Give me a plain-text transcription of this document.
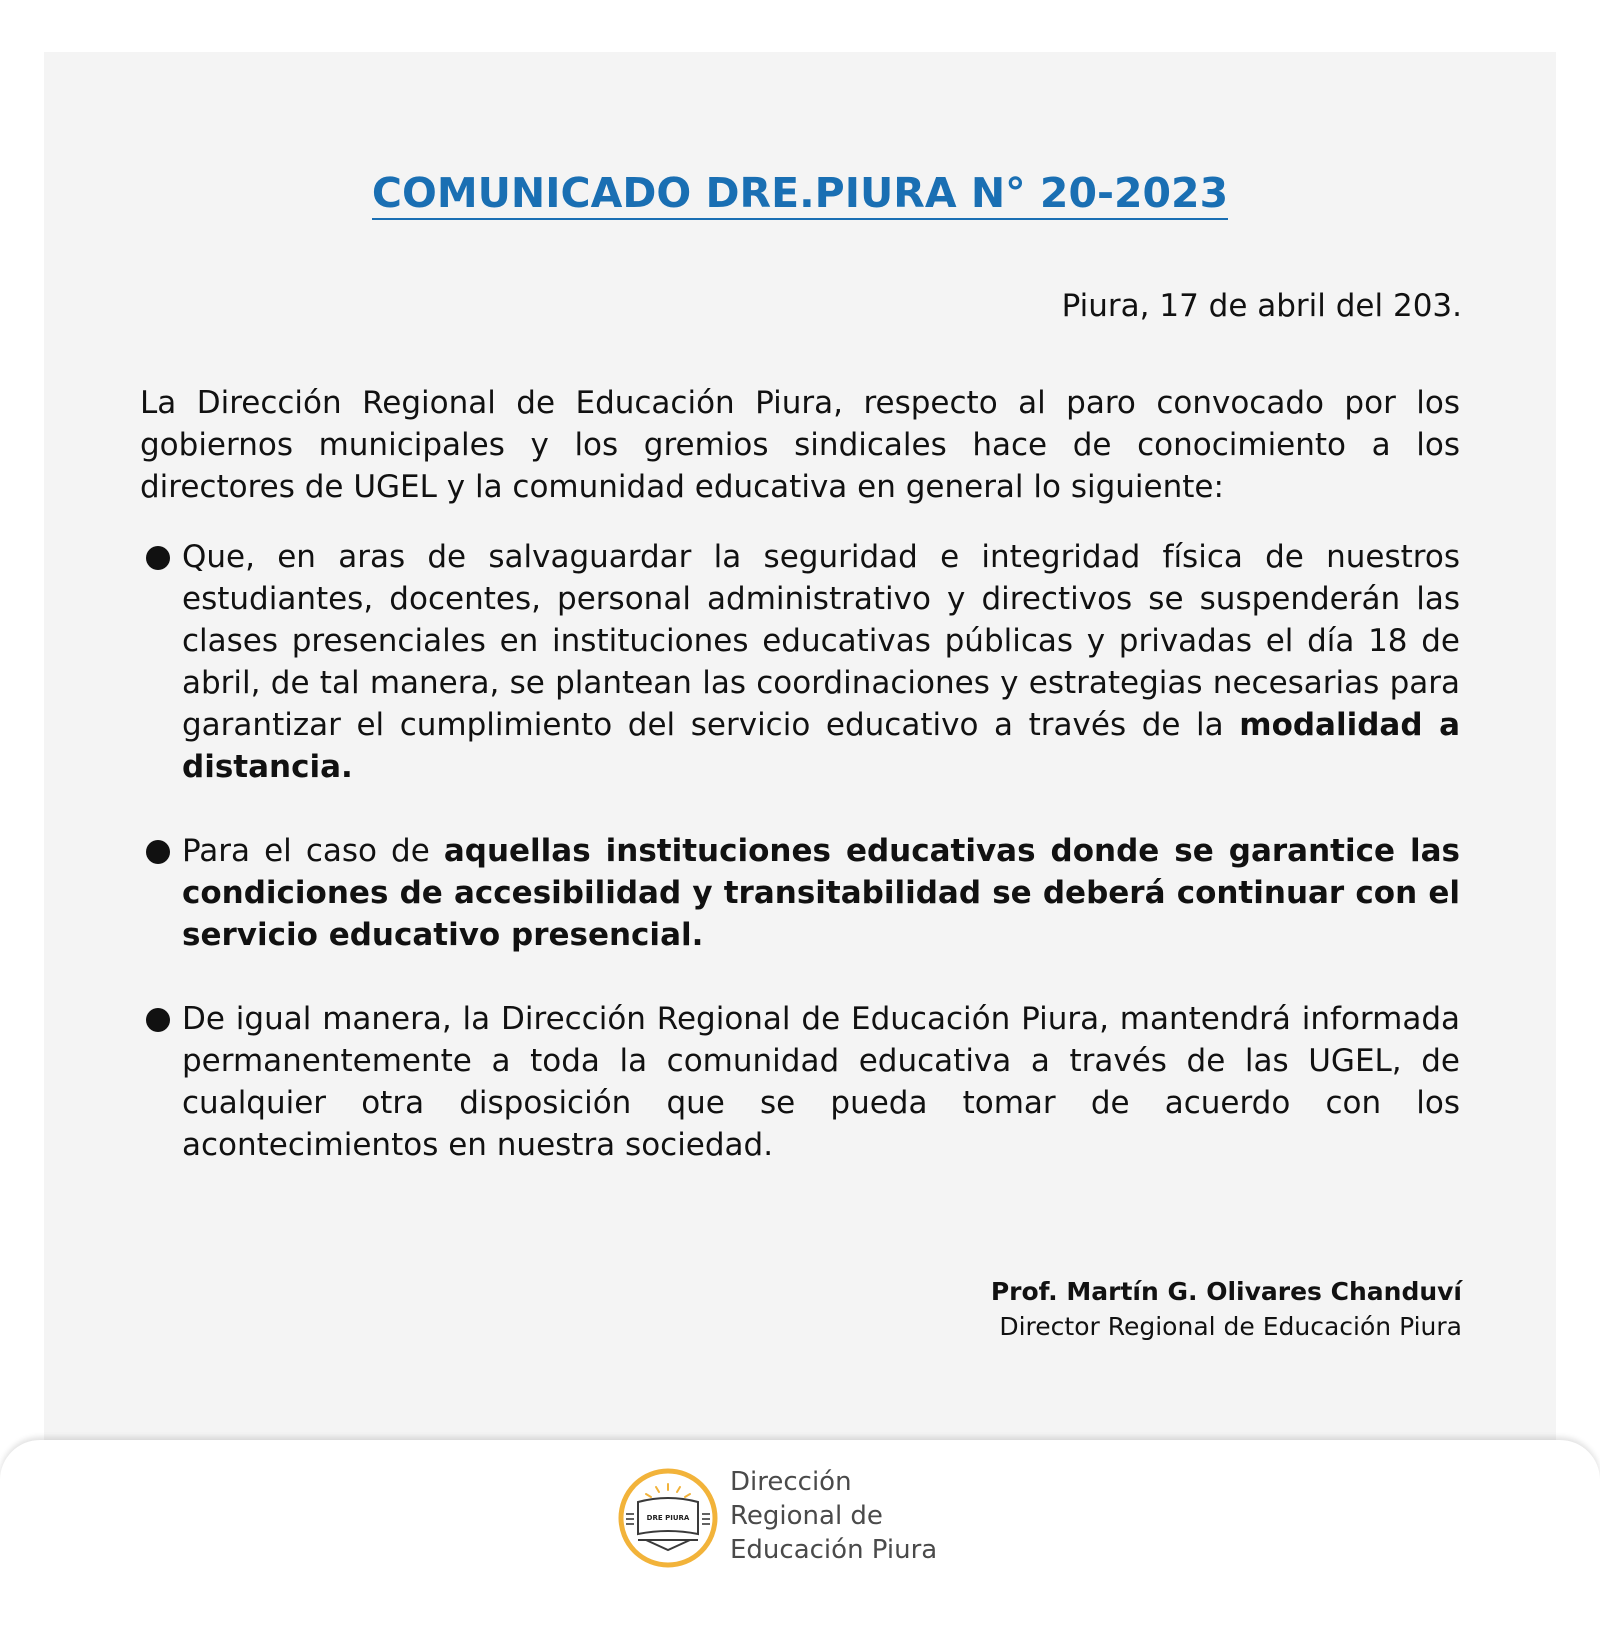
COMUNICADO DRE.PIURA N° 20-2023

Piura, 17 de abril del 203.

La Dirección Regional de Educación Piura, respecto al paro convocado por los gobiernos municipales y los gremios sindicales hace de conocimiento a los directores de UGEL y la comunidad educativa en general lo siguiente:

Que, en aras de salvaguardar la seguridad e integridad física de nuestros estudiantes, docentes, personal administrativo y directivos se suspenderán las clases presenciales en instituciones educativas públicas y privadas el día 18 de abril, de tal manera, se plantean las coordinaciones y estrategias necesarias para garantizar el cumplimiento del servicio educativo a través de la modalidad a distancia.
Para el caso de aquellas instituciones educativas donde se garantice las condiciones de accesibilidad y transitabilidad se deberá continuar con el servicio educativo presencial.
De igual manera, la Dirección Regional de Educación Piura, mantendrá informada permanentemente a toda la comunidad educativa a través de las UGEL, de cualquier otra disposición que se pueda tomar de acuerdo con los acontecimientos en nuestra sociedad.
Prof. Martín G. Olivares Chanduví
Director Regional de Educación Piura
DRE PIURA

Dirección
Regional de
Educación Piura
